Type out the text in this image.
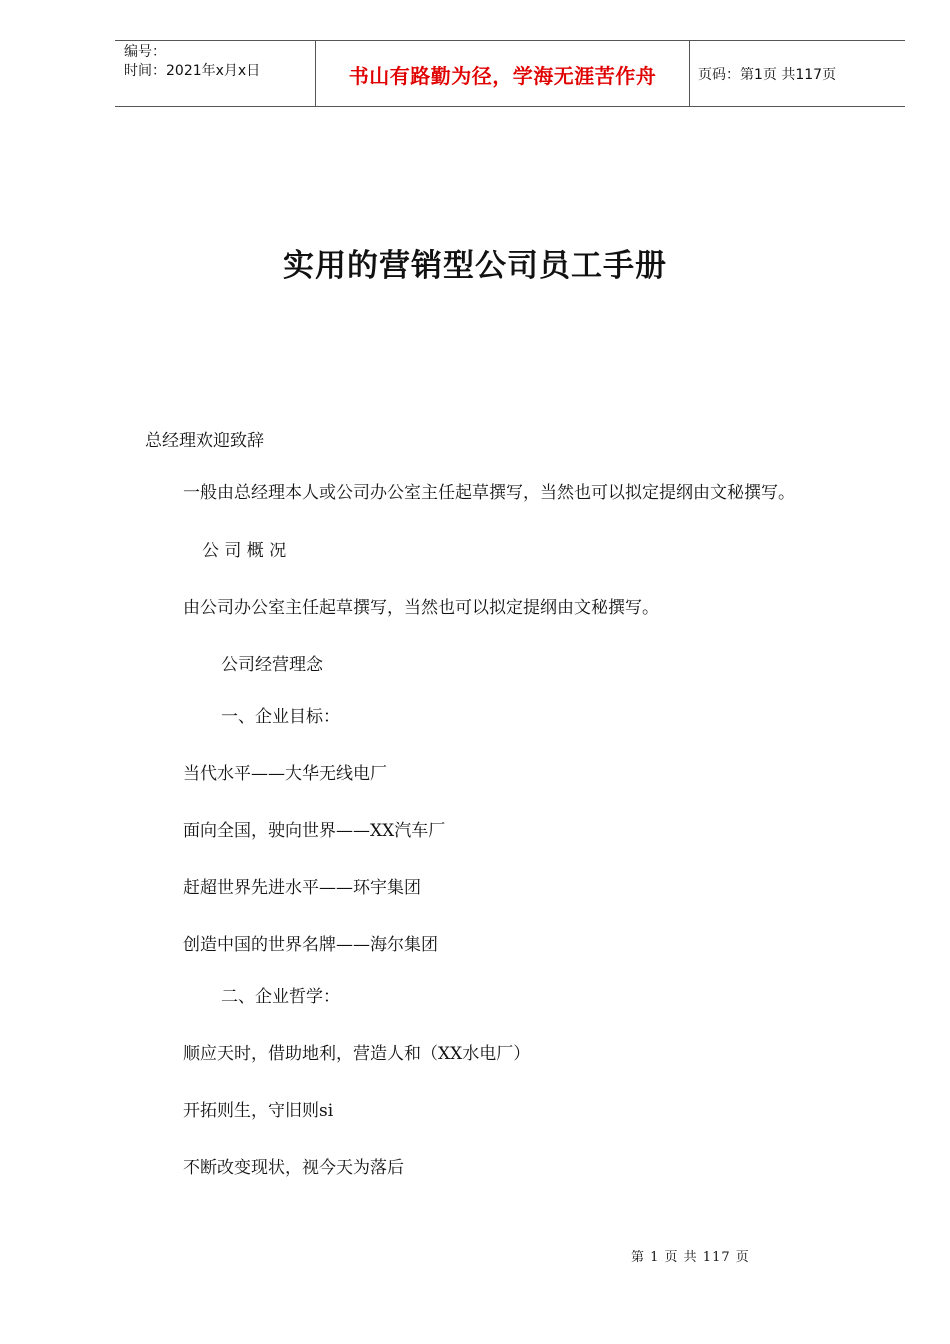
编号：
时间：2021年x月x日	书山有路勤为径，学海无涯苦作舟	页码：第1页 共117页
实用的营销型公司员工手册
总经理欢迎致辞
一般由总经理本人或公司办公室主任起草撰写，当然也可以拟定提纲由文秘撰写。
公 司 概 况
由公司办公室主任起草撰写，当然也可以拟定提纲由文秘撰写。
公司经营理念
一、企业目标：
当代水平——大华无线电厂
面向全国，驶向世界——XX汽车厂
赶超世界先进水平——环宇集团
创造中国的世界名牌——海尔集团
二、企业哲学：
顺应天时，借助地利，营造人和（XX水电厂）
开拓则生，守旧则si
不断改变现状，视今天为落后
第 1 页 共 117 页
